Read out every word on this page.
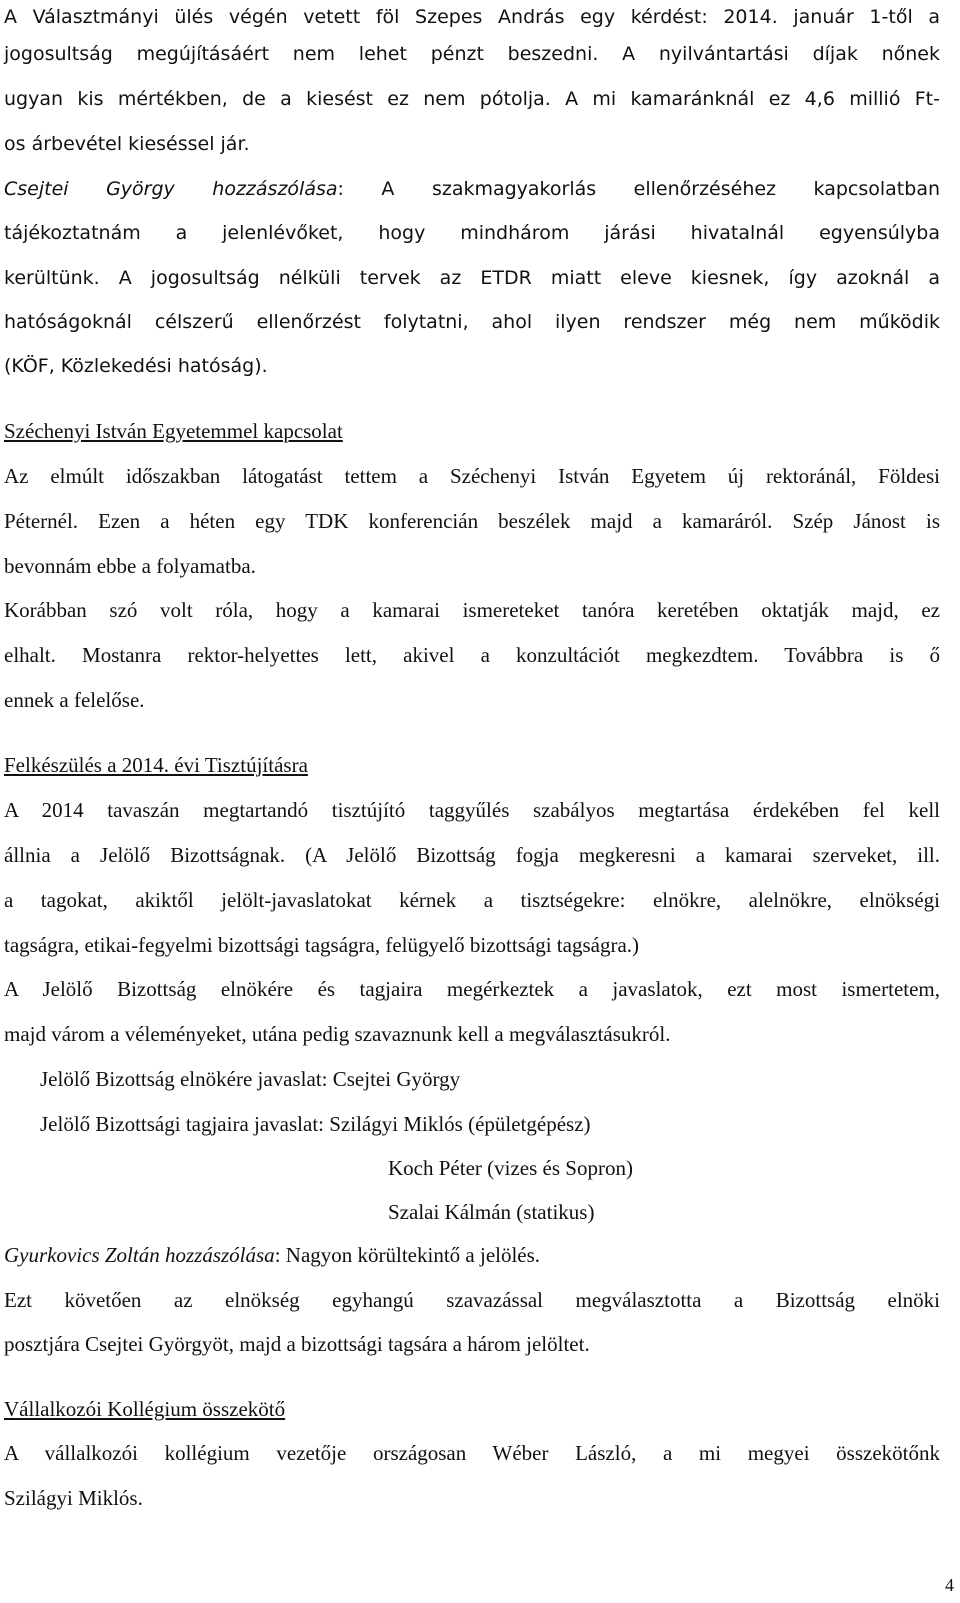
A Választmányi ülés végén vetett föl Szepes András egy kérdést: 2014. január 1-től a
jogosultság megújításáért nem lehet pénzt beszedni. A nyilvántartási díjak nőnek
ugyan kis mértékben, de a kiesést ez nem pótolja. A mi kamaránknál ez 4,6 millió Ft-
os árbevétel kieséssel jár.
Csejtei György hozzászólása: A szakmagyakorlás ellenőrzéséhez kapcsolatban
tájékoztatnám a jelenlévőket, hogy mindhárom járási hivatalnál egyensúlyba
kerültünk. A jogosultság nélküli tervek az ETDR miatt eleve kiesnek, így azoknál a
hatóságoknál célszerű ellenőrzést folytatni, ahol ilyen rendszer még nem működik
(KÖF, Közlekedési hatóság).
Széchenyi István Egyetemmel kapcsolat
Az elmúlt időszakban látogatást tettem a Széchenyi István Egyetem új rektoránál, Földesi
Péternél. Ezen a héten egy TDK konferencián beszélek majd a kamaráról. Szép Jánost is
bevonnám ebbe a folyamatba.
Korábban szó volt róla, hogy a kamarai ismereteket tanóra keretében oktatják majd, ez
elhalt. Mostanra rektor-helyettes lett, akivel a konzultációt megkezdtem. Továbbra is ő
ennek a felelőse.
Felkészülés a 2014. évi Tisztújításra
A 2014 tavaszán megtartandó tisztújító taggyűlés szabályos megtartása érdekében fel kell
állnia a Jelölő Bizottságnak. (A Jelölő Bizottság fogja megkeresni a kamarai szerveket, ill.
a tagokat, akiktől jelölt-javaslatokat kérnek a tisztségekre: elnökre, alelnökre, elnökségi
tagságra, etikai-fegyelmi bizottsági tagságra, felügyelő bizottsági tagságra.)
A Jelölő Bizottság elnökére és tagjaira megérkeztek a javaslatok, ezt most ismertetem,
majd várom a véleményeket, utána pedig szavaznunk kell a megválasztásukról.
Jelölő Bizottság elnökére javaslat: Csejtei György
Jelölő Bizottsági tagjaira javaslat: Szilágyi Miklós (épületgépész)
Koch Péter (vizes és Sopron)
Szalai Kálmán (statikus)
Gyurkovics Zoltán hozzászólása: Nagyon körültekintő a jelölés.
Ezt követően az elnökség egyhangú szavazással megválasztotta a Bizottság elnöki
posztjára Csejtei Györgyöt, majd a bizottsági tagsára a három jelöltet.
Vállalkozói Kollégium összekötő
A vállalkozói kollégium vezetője országosan Wéber László, a mi megyei összekötőnk
Szilágyi Miklós.
4
